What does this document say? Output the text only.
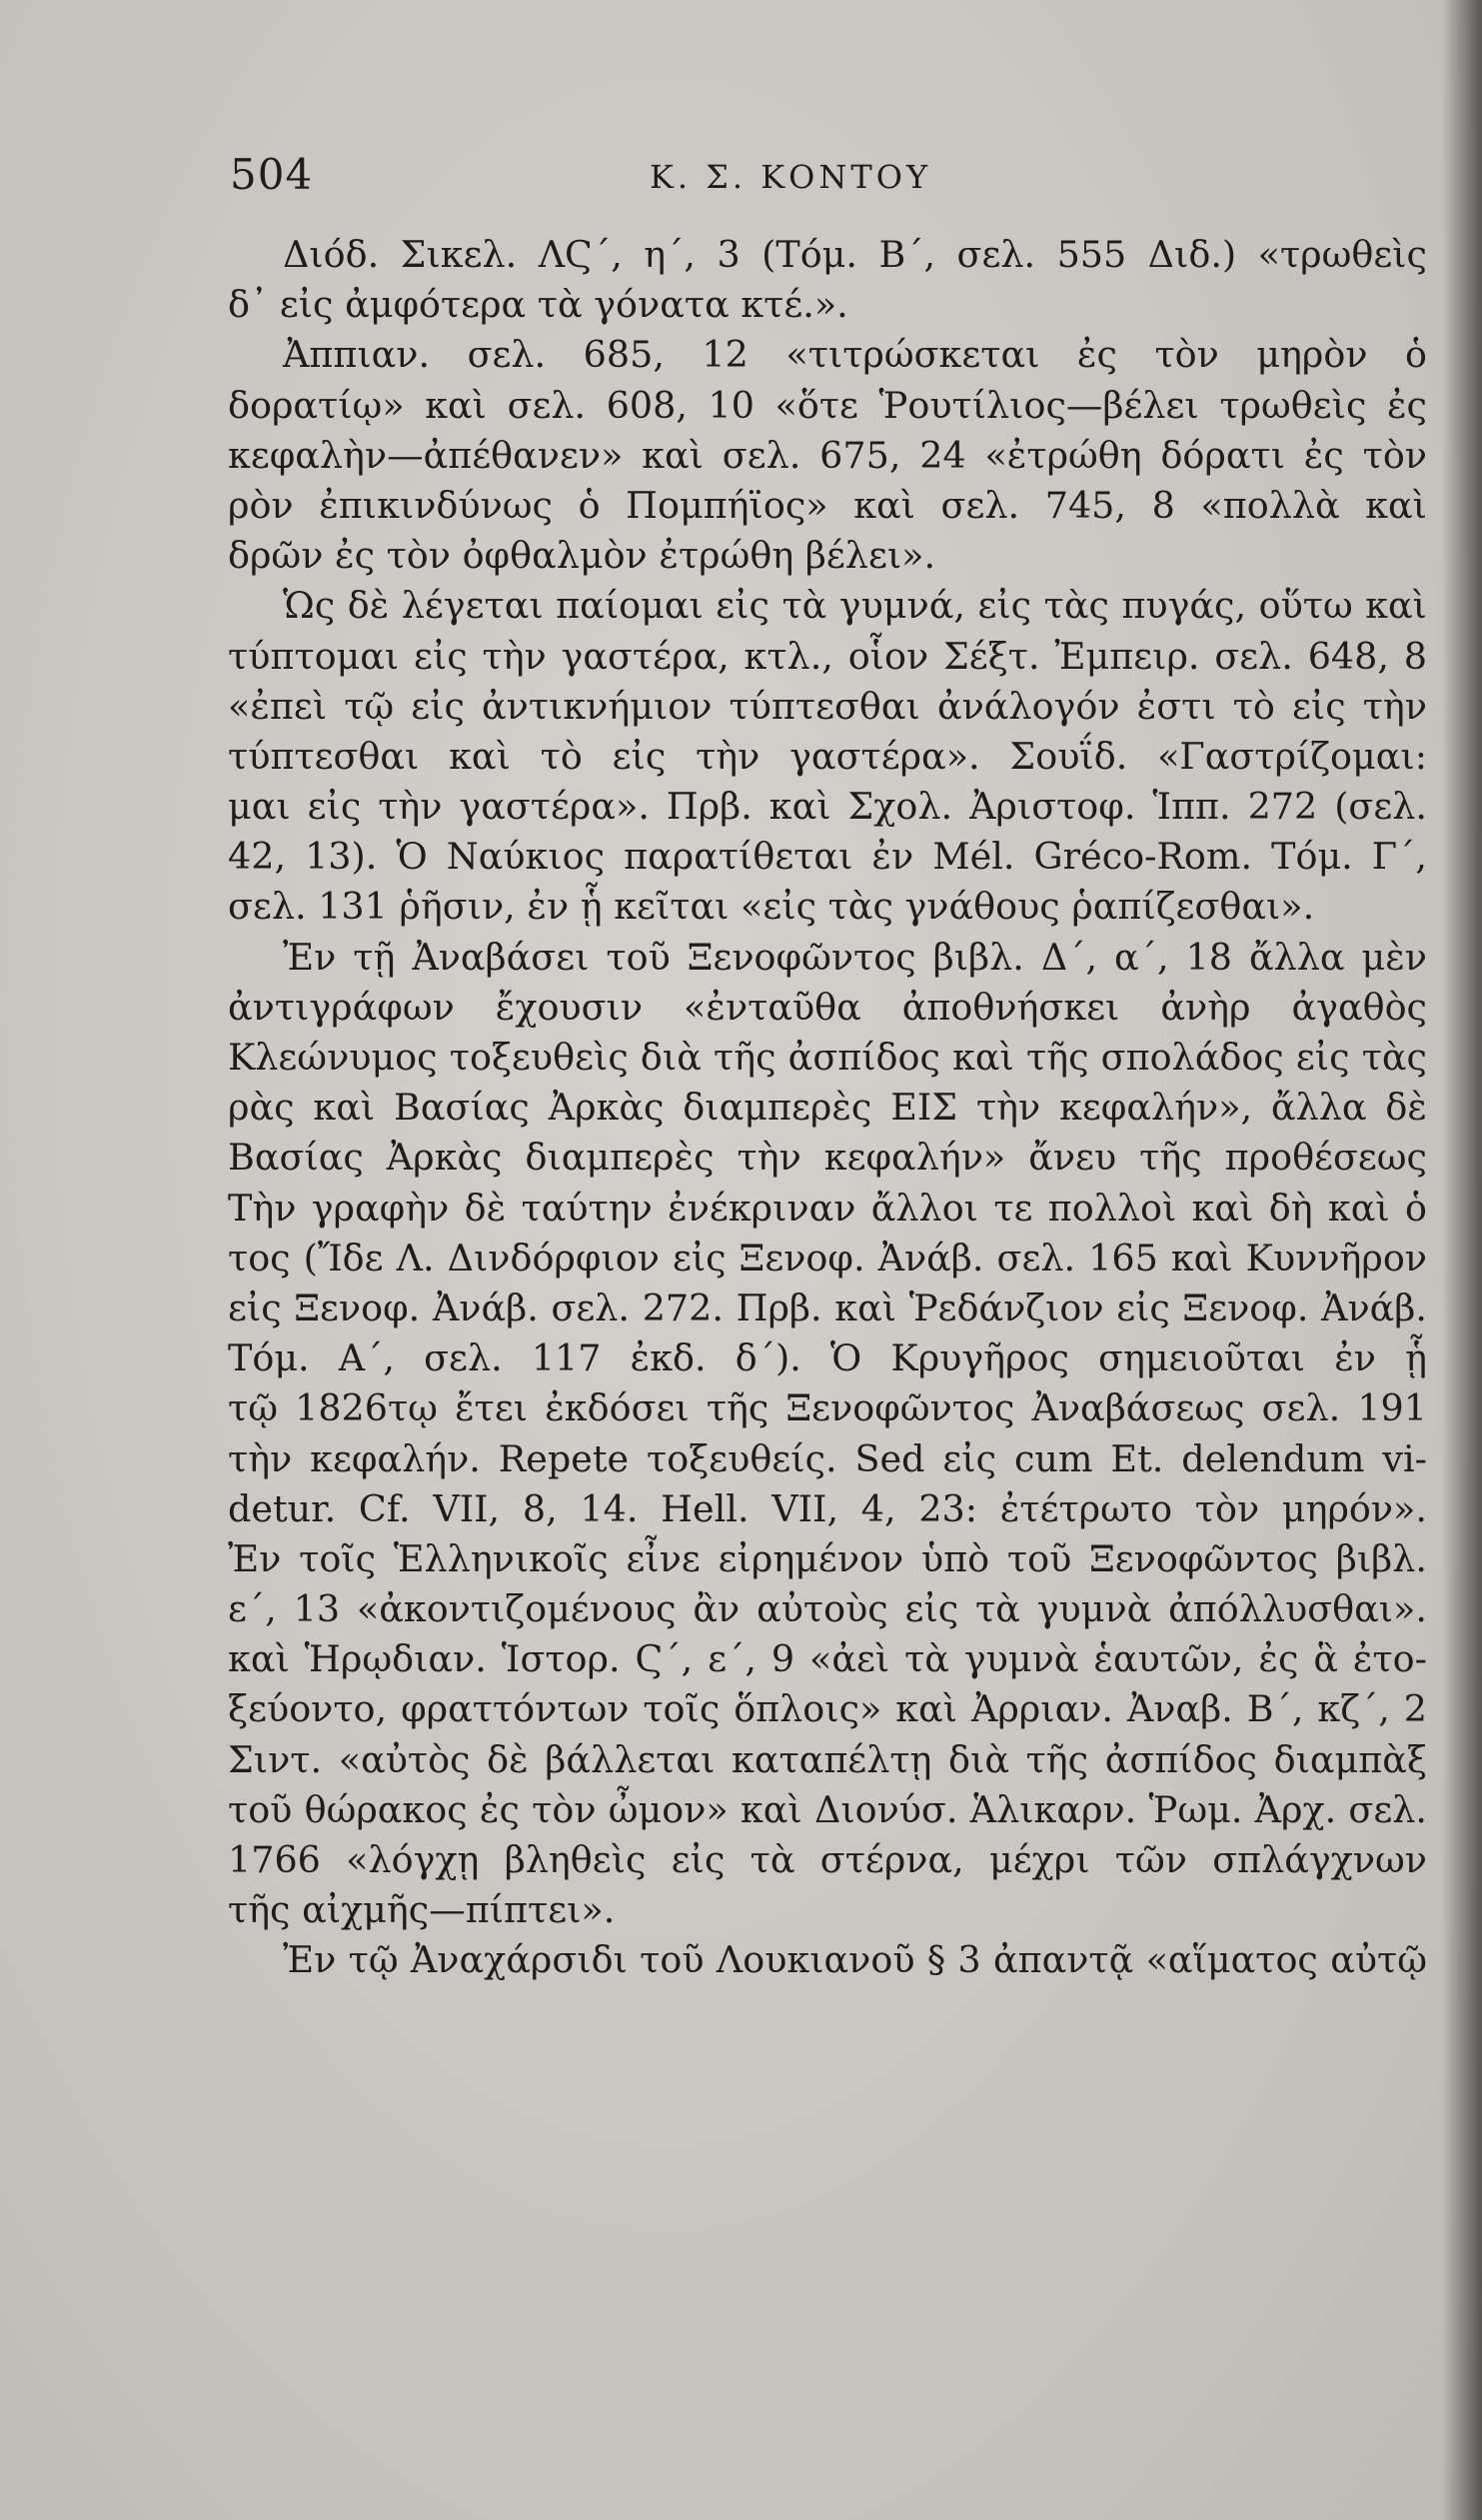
504	Κ. Σ. ΚΟΝΤΟΥ
Διόδ. Σικελ. ΛϚ΄, η΄, 3 (Τόμ. Β΄, σελ. 555 Διδ.) «τρωθεὶς
δ᾽ εἰς ἀμφότερα τὰ γόνατα κτέ.».
Ἀππιαν. σελ. 685, 12 «τιτρώσκεται ἐς τὸν μηρὸν ὁ
δορατίῳ» καὶ σελ. 608, 10 «ὅτε Ῥουτίλιος—βέλει τρωθεὶς ἐς
κεφαλὴν—ἀπέθανεν» καὶ σελ. 675, 24 «ἐτρώθη δόρατι ἐς τὸν
ρὸν ἐπικινδύνως ὁ Πομπήϊος» καὶ σελ. 745, 8 «πολλὰ καὶ
δρῶν ἐς τὸν ὀφθαλμὸν ἐτρώθη βέλει».
Ὡς δὲ λέγεται παίομαι εἰς τὰ γυμνά, εἰς τὰς πυγάς, οὕτω καὶ
τύπτομαι εἰς τὴν γαστέρα, κτλ., οἷον Σέξτ. Ἐμπειρ. σελ. 648, 8
«ἐπεὶ τῷ εἰς ἀντικνήμιον τύπτεσθαι ἀνάλογόν ἐστι τὸ εἰς τὴν
τύπτεσθαι καὶ τὸ εἰς τὴν γαστέρα». Σουΐδ. «Γαστρίζομαι:
μαι εἰς τὴν γαστέρα». Πρβ. καὶ Σχολ. Ἀριστοφ. Ἱππ. 272 (σελ.
42, 13). Ὁ Ναύκιος παρατίθεται ἐν Mél. Gréco-Rom. Τόμ. Γ΄,
σελ. 131 ῥῆσιν, ἐν ᾗ κεῖται «εἰς τὰς γνάθους ῥαπίζεσθαι».
Ἐν τῇ Ἀναβάσει τοῦ Ξενοφῶντος βιβλ. Δ΄, α΄, 18 ἄλλα μὲν
ἀντιγράφων ἔχουσιν «ἐνταῦθα ἀποθνήσκει ἀνὴρ ἀγαθὸς
Κλεώνυμος τοξευθεὶς διὰ τῆς ἀσπίδος καὶ τῆς σπολάδος εἰς τὰς
ρὰς καὶ Βασίας Ἀρκὰς διαμπερὲς ΕΙΣ τὴν κεφαλήν», ἄλλα δὲ
Βασίας Ἀρκὰς διαμπερὲς τὴν κεφαλήν» ἄνευ τῆς προθέσεως
Τὴν γραφὴν δὲ ταύτην ἐνέκριναν ἄλλοι τε πολλοὶ καὶ δὴ καὶ ὁ
τος (Ἴδε Λ. Δινδόρφιον εἰς Ξενοφ. Ἀνάβ. σελ. 165 καὶ Κυννῆρον
εἰς Ξενοφ. Ἀνάβ. σελ. 272. Πρβ. καὶ Ῥεδάνζιον εἰς Ξενοφ. Ἀνάβ.
Τόμ. Α΄, σελ. 117 ἐκδ. δ΄). Ὁ Κρυγῆρος σημειοῦται ἐν ᾗ
τῷ 1826τῳ ἔτει ἐκδόσει τῆς Ξενοφῶντος Ἀναβάσεως σελ. 191
τὴν κεφαλήν. Repete τοξευθείς. Sed εἰς cum Et. delendum vi-
detur. Cf. VII, 8, 14. Hell. VII, 4, 23: ἐτέτρωτο τὸν μηρόν».
Ἐν τοῖς Ἑλληνικοῖς εἶνε εἰρημένον ὑπὸ τοῦ Ξενοφῶντος βιβλ.
ε΄, 13 «ἀκοντιζομένους ἂν αὐτοὺς εἰς τὰ γυμνὰ ἀπόλλυσθαι».
καὶ Ἡρῳδιαν. Ἱστορ. Ϛ΄, ε΄, 9 «ἀεὶ τὰ γυμνὰ ἑαυτῶν, ἐς ἃ ἐτο-
ξεύοντο, φραττόντων τοῖς ὅπλοις» καὶ Ἀρριαν. Ἀναβ. Β΄, κζ΄, 2
Σιντ. «αὐτὸς δὲ βάλλεται καταπέλτῃ διὰ τῆς ἀσπίδος διαμπὰξ
τοῦ θώρακος ἐς τὸν ὦμον» καὶ Διονύσ. Ἁλικαρν. Ῥωμ. Ἀρχ. σελ.
1766 «λόγχῃ βληθεὶς εἰς τὰ στέρνα, μέχρι τῶν σπλάγχνων
τῆς αἰχμῆς—πίπτει».
Ἐν τῷ Ἀναχάρσιδι τοῦ Λουκιανοῦ § 3 ἀπαντᾷ «αἵματος αὐτῷ
